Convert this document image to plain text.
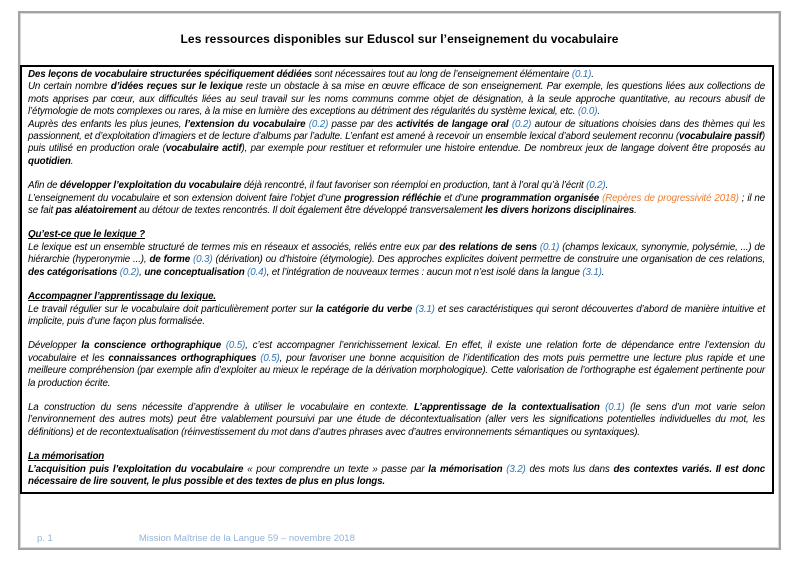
Les ressources disponibles sur Eduscol sur l’enseignement du vocabulaire

Des leçons de vocabulaire structurées spécifiquement dédiées sont nécessaires tout au long de l’enseignement élémentaire (0.1).

Un certain nombre d’idées reçues sur le lexique reste un obstacle à sa mise en œuvre efficace de son enseignement. Par exemple, les questions liées aux collections de mots apprises par cœur, aux difficultés liées au seul travail sur les noms communs comme objet de désignation, à la seule approche quantitative, au recours abusif de l’étymologie de mots complexes ou rares, à la mise en lumière des exceptions au détriment des régularités du système lexical, etc. (0.0).

Auprès des enfants les plus jeunes, l’extension du vocabulaire (0.2) passe par des activités de langage oral (0.2) autour de situations choisies dans des thèmes qui les passionnent, et d’exploitation d’imagiers et de lecture d’albums par l’adulte. L’enfant est amené à recevoir un ensemble lexical d’abord seulement reconnu (vocabulaire passif) puis utilisé en production orale (vocabulaire actif), par exemple pour restituer et reformuler une histoire entendue. De nombreux jeux de langage doivent être proposés au quotidien.

Afin de développer l’exploitation du vocabulaire déjà rencontré, il faut favoriser son réemploi en production, tant à l’oral qu’à l’écrit (0.2).

L’enseignement du vocabulaire et son extension doivent faire l’objet d’une progression réfléchie et d’une programmation organisée (Repères de progressivité 2018) ; il ne se fait pas aléatoirement au détour de textes rencontrés. Il doit également être développé transversalement les divers horizons disciplinaires.

Qu’est-ce que le lexique ?

Le lexique est un ensemble structuré de termes mis en réseaux et associés, reliés entre eux par des relations de sens (0.1) (champs lexicaux, synonymie, polysémie, ...) de hiérarchie (hyperonymie ...), de forme (0.3) (dérivation) ou d’histoire (étymologie). Des approches explicites doivent permettre de construire une organisation de ces relations, des catégorisations (0.2), une conceptualisation (0.4), et l’intégration de nouveaux termes : aucun mot n’est isolé dans la langue (3.1).

Accompagner l’apprentissage du lexique.

Le travail régulier sur le vocabulaire doit particulièrement porter sur la catégorie du verbe (3.1) et ses caractéristiques qui seront découvertes d’abord de manière intuitive et implicite, puis d’une façon plus formalisée.

Développer la conscience orthographique (0.5), c’est accompagner l’enrichissement lexical. En effet, il existe une relation forte de dépendance entre l’extension du vocabulaire et les connaissances orthographiques (0.5), pour favoriser une bonne acquisition de l’identification des mots puis permettre une lecture plus rapide et une meilleure compréhension (par exemple afin d’exploiter au mieux le repérage de la dérivation morphologique). Cette valorisation de l’orthographe est également pertinente pour la production écrite.

La construction du sens nécessite d’apprendre à utiliser le vocabulaire en contexte. L’apprentissage de la contextualisation (0.1) (le sens d’un mot varie selon l’environnement des autres mots) peut être valablement poursuivi par une étude de décontextualisation (aller vers les significations potentielles individuelles du mot, les définitions) et de recontextualisation (réinvestissement du mot dans d’autres phrases avec d’autres environnements sémantiques ou syntaxiques).

La mémorisation

L’acquisition puis l’exploitation du vocabulaire « pour comprendre un texte » passe par la mémorisation (3.2) des mots lus dans des contextes variés. Il est donc nécessaire de lire souvent, le plus possible et des textes de plus en plus longs.

p. 1	Mission Maîtrise de la Langue 59 – novembre 2018
